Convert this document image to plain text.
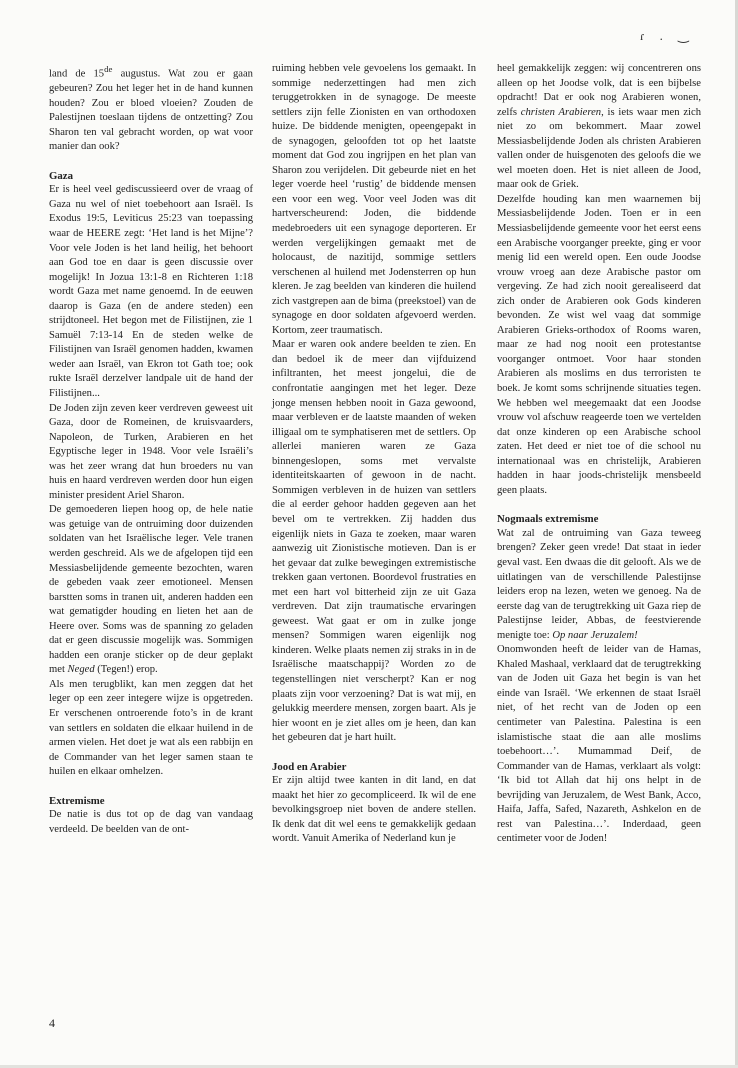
ɾ . ‿

land de 15de augustus. Wat zou er gaan gebeuren? Zou het leger het in de hand kunnen houden? Zou er bloed vloeien? Zouden de Palestijnen toeslaan tijdens de ontzetting? Zou Sharon ten val gebracht worden, op wat voor manier dan ook?

Gaza

Er is heel veel gediscussieerd over de vraag of Gaza nu wel of niet toebehoort aan Israël. Is Exodus 19:5, Leviticus 25:23 van toepassing waar de HEERE zegt: ‘Het land is het Mijne’? Voor vele Joden is het land heilig, het behoort aan God toe en daar is geen discussie over mogelijk! In Jozua 13:1-8 en Richteren 1:18 wordt Gaza met name genoemd. In de eeuwen daarop is Gaza (en de andere steden) een strijdtoneel. Het begon met de Filistijnen, zie 1 Samuël 7:13-14 En de steden welke de Filistijnen van Israël genomen hadden, kwamen weder aan Israël, van Ekron tot Gath toe; ook rukte Israël derzelver landpale uit de hand der Filistijnen...

De Joden zijn zeven keer verdreven geweest uit Gaza, door de Romeinen, de kruisvaarders, Napoleon, de Turken, Arabieren en het Egyptische leger in 1948. Voor vele Israëli’s was het zeer wrang dat hun broeders nu van huis en haard verdreven werden door hun eigen minister president Ariel Sharon.

De gemoederen liepen hoog op, de hele natie was getuige van de ontruiming door duizenden soldaten van het Israëlische leger. Vele tranen werden geschreid. Als we de afgelopen tijd een Messiasbelijdende gemeente bezochten, waren de gebeden vaak zeer emotioneel. Mensen barstten soms in tranen uit, anderen hadden een wat gematigder houding en lieten het aan de Heere over. Soms was de spanning zo geladen dat er geen discussie mogelijk was. Sommigen hadden een oranje sticker op de deur geplakt met Neged (Tegen!) erop.

Als men terugblikt, kan men zeggen dat het leger op een zeer integere wijze is opgetreden. Er verschenen ontroerende foto’s in de krant van settlers en soldaten die elkaar huilend in de armen vielen. Het doet je wat als een rabbijn en de Commander van het leger samen staan te huilen en elkaar omhelzen.

Extremisme

De natie is dus tot op de dag van vandaag verdeeld. De beelden van de ont-

ruiming hebben vele gevoelens los gemaakt. In sommige nederzettingen had men zich teruggetrokken in de synagoge. De meeste settlers zijn felle Zionisten en van orthodoxen huize. De biddende menigten, opeengepakt in de synagogen, geloofden tot op het laatste moment dat God zou ingrijpen en het plan van Sharon zou verijdelen. Dit gebeurde niet en het leger voerde heel ‘rustig’ de biddende mensen een voor een weg. Voor veel Joden was dit hartverscheurend: Joden, die biddende medebroeders uit een synagoge deporteren. Er werden vergelijkingen gemaakt met de holocaust, de nazitijd, sommige settlers verschenen al huilend met Jodensterren op hun kleren. Je zag beelden van kinderen die huilend zich vastgrepen aan de bima (preekstoel) van de synagoge en door soldaten afgevoerd werden. Kortom, zeer traumatisch.

Maar er waren ook andere beelden te zien. En dan bedoel ik de meer dan vijfduizend infiltranten, het meest jongelui, die de confrontatie aangingen met het leger. Deze jonge mensen hebben nooit in Gaza gewoond, maar verbleven er de laatste maanden of weken illigaal om te symphatiseren met de settlers. Op allerlei manieren waren ze Gaza binnengeslopen, soms met vervalste identiteitskaarten of gewoon in de nacht. Sommigen verbleven in de huizen van settlers die al eerder gehoor hadden gegeven aan het bevel om te vertrekken. Zij hadden dus eigenlijk niets in Gaza te zoeken, maar waren aanwezig uit Zionistische motieven. Dan is er het gevaar dat zulke bewegingen extremistische trekken gaan vertonen. Boordevol frustraties en met een hart vol bitterheid zijn ze uit Gaza verdreven. Dat zijn traumatische ervaringen geweest. Wat gaat er om in zulke jonge mensen? Sommigen waren eigenlijk nog kinderen. Welke plaats nemen zij straks in in de Israëlische maatschappij? Worden zo de tegenstellingen niet verscherpt? Kan er nog plaats zijn voor verzoening? Dat is wat mij, en gelukkig meerdere mensen, zorgen baart. Als je hier woont en je ziet alles om je heen, dan kan het gebeuren dat je hart huilt.

Jood en Arabier

Er zijn altijd twee kanten in dit land, en dat maakt het hier zo gecompliceerd. Ik wil de ene bevolkingsgroep niet boven de andere stellen. Ik denk dat dit wel eens te gemakkelijk gedaan wordt. Vanuit Amerika of Nederland kun je

heel gemakkelijk zeggen: wij concentreren ons alleen op het Joodse volk, dat is een bijbelse opdracht! Dat er ook nog Arabieren wonen, zelfs christen Arabieren, is iets waar men zich niet zo om bekommert. Maar zowel Messiasbelijdende Joden als christen Arabieren vallen onder de huisgenoten des geloofs die we wel moeten doen. Het is niet alleen de Jood, maar ook de Griek.

Dezelfde houding kan men waarnemen bij Messiasbelijdende Joden. Toen er in een Messiasbelijdende gemeente voor het eerst eens een Arabische voorganger preekte, ging er voor menig lid een wereld open. Een oude Joodse vrouw vroeg aan deze Arabische pastor om vergeving. Ze had zich nooit gerealiseerd dat zich onder de Arabieren ook Gods kinderen bevonden. Ze wist wel vaag dat sommige Arabieren Grieks-orthodox of Rooms waren, maar ze had nog nooit een protestantse voorganger ontmoet. Voor haar stonden Arabieren als moslims en dus terroristen te boek. Je komt soms schrijnende situaties tegen. We hebben wel meegemaakt dat een Joodse vrouw vol afschuw reageerde toen we vertelden dat onze kinderen op een Arabische school zaten. Het deed er niet toe of die school nu internationaal was en christelijk, Arabieren hadden in haar joods-christelijk mensbeeld geen plaats.

Nogmaals extremisme

Wat zal de ontruiming van Gaza teweeg brengen? Zeker geen vrede! Dat staat in ieder geval vast. Een dwaas die dit gelooft. Als we de uitlatingen van de verschillende Palestijnse leiders erop na lezen, weten we genoeg. Na de eerste dag van de terugtrekking uit Gaza riep de Palestijnse leider, Abbas, de feestvierende menigte toe: Op naar Jeruzalem!

Onomwonden heeft de leider van de Hamas, Khaled Mashaal, verklaard dat de terugtrekking van de Joden uit Gaza het begin is van het einde van Israël. ‘We erkennen de staat Israël niet, of het recht van de Joden op een centimeter van Palestina. Palestina is een islamistische staat die aan alle moslims toebehoort…’. Mumammad Deif, de Commander van de Hamas, verklaart als volgt: ‘Ik bid tot Allah dat hij ons helpt in de bevrijding van Jeruzalem, de West Bank, Acco, Haifa, Jaffa, Safed, Nazareth, Ashkelon en de rest van Palestina…’. Inderdaad, geen centimeter voor de Joden!

4
